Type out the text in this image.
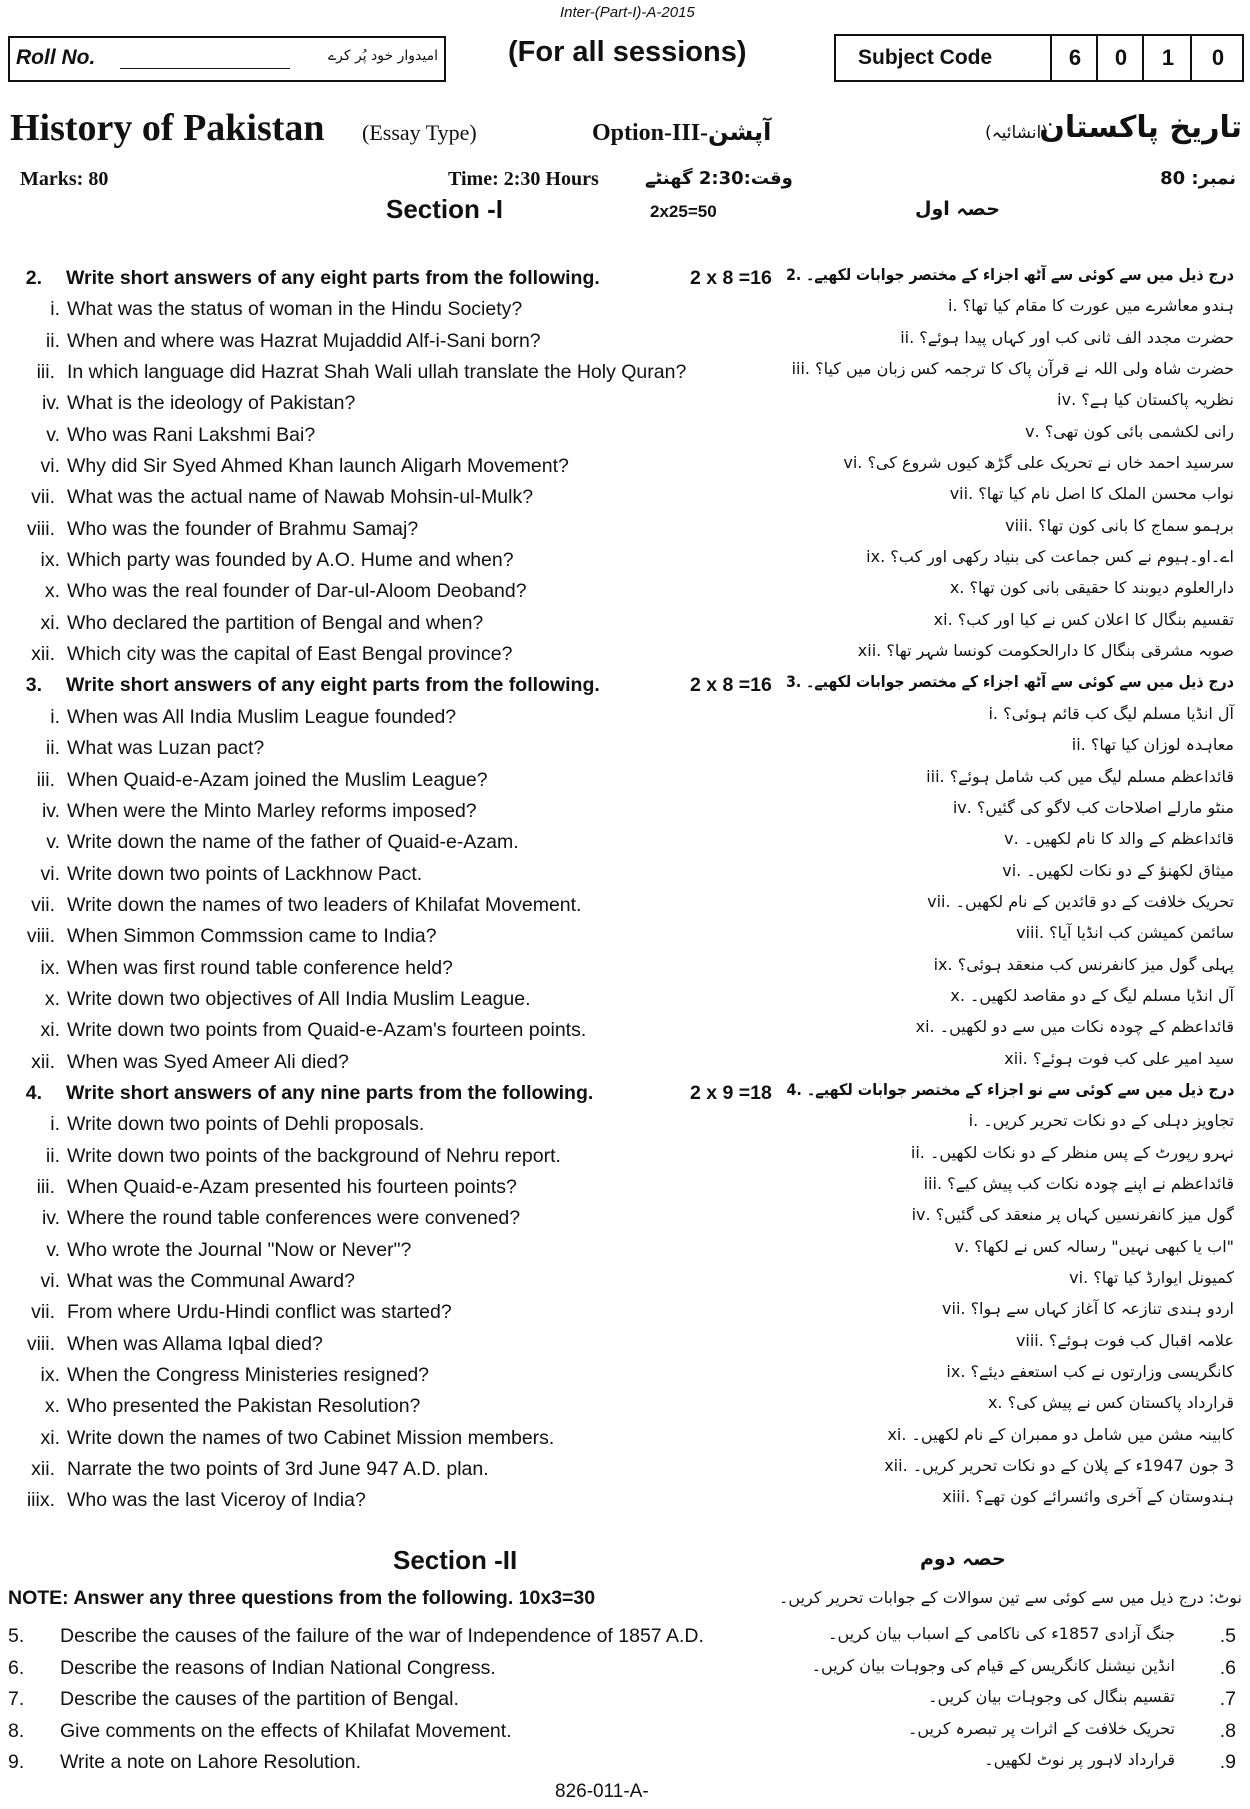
Inter-(Part-I)-A-2015
Roll No.	امیدوار خود پُر کرے (For all sessions)	Subject Code	6	0	1	0
History of Pakistan (Essay Type)	Option-III-آپشن	(انشائیہ)
تاریخ پاکستان
Marks: 80	Time: 2:30 Hours	وقت:2:30 گھنٹے	نمبر: 80
Section -I	2x25=50	حصہ اول
2. Write short answers of any eight parts from the following.	2 x 8 =16 درج ذیل میں سے کوئی سے آٹھ اجزاء کے مختصر جوابات لکھیے۔ .2
i. What was the status of woman in the Hindu Society?	ہندو معاشرے میں عورت کا مقام کیا تھا؟ .i
ii. When and where was Hazrat Mujaddid Alf-i-Sani born?	حضرت مجدد الف ثانی کب اور کہاں پیدا ہوئے؟ .ii
iii. In which language did Hazrat Shah Wali ullah translate the Holy Quran?	حضرت شاہ ولی اللہ نے قرآن پاک کا ترجمہ کس زبان میں کیا؟ .iii
iv. What is the ideology of Pakistan?	نظریہ پاکستان کیا ہے؟ .iv
v. Who was Rani Lakshmi Bai?	رانی لکشمی بائی کون تھی؟ .v
vi. Why did Sir Syed Ahmed Khan launch Aligarh Movement?	سرسید احمد خاں نے تحریک علی گڑھ کیوں شروع کی؟ .vi
vii. What was the actual name of Nawab Mohsin-ul-Mulk?	نواب محسن الملک کا اصل نام کیا تھا؟ .vii
viii. Who was the founder of Brahmu Samaj?	برہمو سماج کا بانی کون تھا؟ .viii
ix. Which party was founded by A.O. Hume and when?	اے۔او۔ہیوم نے کس جماعت کی بنیاد رکھی اور کب؟ .ix
x. Who was the real founder of Dar-ul-Aloom Deoband?	دارالعلوم دیوبند کا حقیقی بانی کون تھا؟ .x
xi. Who declared the partition of Bengal and when?	تقسیم بنگال کا اعلان کس نے کیا اور کب؟ .xi
xii. Which city was the capital of East Bengal province?	صوبہ مشرقی بنگال کا دارالحکومت کونسا شہر تھا؟ .xii
3. Write short answers of any eight parts from the following.	2 x 8 =16 درج ذیل میں سے کوئی سے آٹھ اجزاء کے مختصر جوابات لکھیے۔ .3
i. When was All India Muslim League founded?	آل انڈیا مسلم لیگ کب قائم ہوئی؟ .i
ii. What was Luzan pact?	معاہدہ لوزان کیا تھا؟ .ii
iii. When Quaid-e-Azam joined the Muslim League?	قائداعظم مسلم لیگ میں کب شامل ہوئے؟ .iii
iv. When were the Minto Marley reforms imposed?	منٹو مارلے اصلاحات کب لاگو کی گئیں؟ .iv
v. Write down the name of the father of Quaid-e-Azam.	قائداعظم کے والد کا نام لکھیں۔ .v
vi. Write down two points of Lackhnow Pact.	میثاق لکھنؤ کے دو نکات لکھیں۔ .vi
vii. Write down the names of two leaders of Khilafat Movement.	تحریک خلافت کے دو قائدین کے نام لکھیں۔ .vii
viii. When Simmon Commssion came to India?	سائمن کمیشن کب انڈیا آیا؟ .viii
ix. When was first round table conference held?	پہلی گول میز کانفرنس کب منعقد ہوئی؟ .ix
x. Write down two objectives of All India Muslim League.	آل انڈیا مسلم لیگ کے دو مقاصد لکھیں۔ .x
xi. Write down two points from Quaid-e-Azam's fourteen points.	قائداعظم کے چودہ نکات میں سے دو لکھیں۔ .xi
xii. When was Syed Ameer Ali died?	سید امیر علی کب فوت ہوئے؟ .xii
4. Write short answers of any nine parts from the following.	2 x 9 =18 درج ذیل میں سے کوئی سے نو اجزاء کے مختصر جوابات لکھیے۔ .4
i. Write down two points of Dehli proposals.	تجاویز دہلی کے دو نکات تحریر کریں۔ .i
ii. Write down two points of the background of Nehru report.	نہرو رپورٹ کے پس منظر کے دو نکات لکھیں۔ .ii
iii. When Quaid-e-Azam presented his fourteen points?	قائداعظم نے اپنے چودہ نکات کب پیش کیے؟ .iii
iv. Where the round table conferences were convened?	گول میز کانفرنسیں کہاں پر منعقد کی گئیں؟ .iv
v. Who wrote the Journal "Now or Never"?	"اب یا کبھی نہیں" رسالہ کس نے لکھا؟ .v
vi. What was the Communal Award?	کمیونل ایوارڈ کیا تھا؟ .vi
vii. From where Urdu-Hindi conflict was started?	اردو ہندی تنازعہ کا آغاز کہاں سے ہوا؟ .vii
viii. When was Allama Iqbal died?	علامہ اقبال کب فوت ہوئے؟ .viii
ix. When the Congress Ministeries resigned?	کانگریسی وزارتوں نے کب استعفے دیئے؟ .ix
x. Who presented the Pakistan Resolution?	قرارداد پاکستان کس نے پیش کی؟ .x
xi. Write down the names of two Cabinet Mission members.	کابینہ مشن میں شامل دو ممبران کے نام لکھیں۔ .xi
xii. Narrate the two points of 3rd June 947 A.D. plan.	3 جون 1947ء کے پلان کے دو نکات تحریر کریں۔ .xii
iiix. Who was the last Viceroy of India?	ہندوستان کے آخری وائسرائے کون تھے؟ .xiii
Section -II	حصہ دوم
NOTE: Answer any three questions from the following. 10x3=30	نوٹ: درج ذیل میں سے کوئی سے تین سوالات کے جوابات تحریر کریں۔
5. Describe the causes of the failure of the war of Independence of 1857 A.D.	جنگ آزادی 1857ء کی ناکامی کے اسباب بیان کریں۔ .5
6. Describe the reasons of Indian National Congress.	انڈین نیشنل کانگریس کے قیام کی وجوہات بیان کریں۔ .6
7. Describe the causes of the partition of Bengal.	تقسیم بنگال کی وجوہات بیان کریں۔ .7
8. Give comments on the effects of Khilafat Movement.	تحریک خلافت کے اثرات پر تبصرہ کریں۔ .8
9. Write a note on Lahore Resolution.	قرارداد لاہور پر نوٹ لکھیں۔ .9
826-011-A-
